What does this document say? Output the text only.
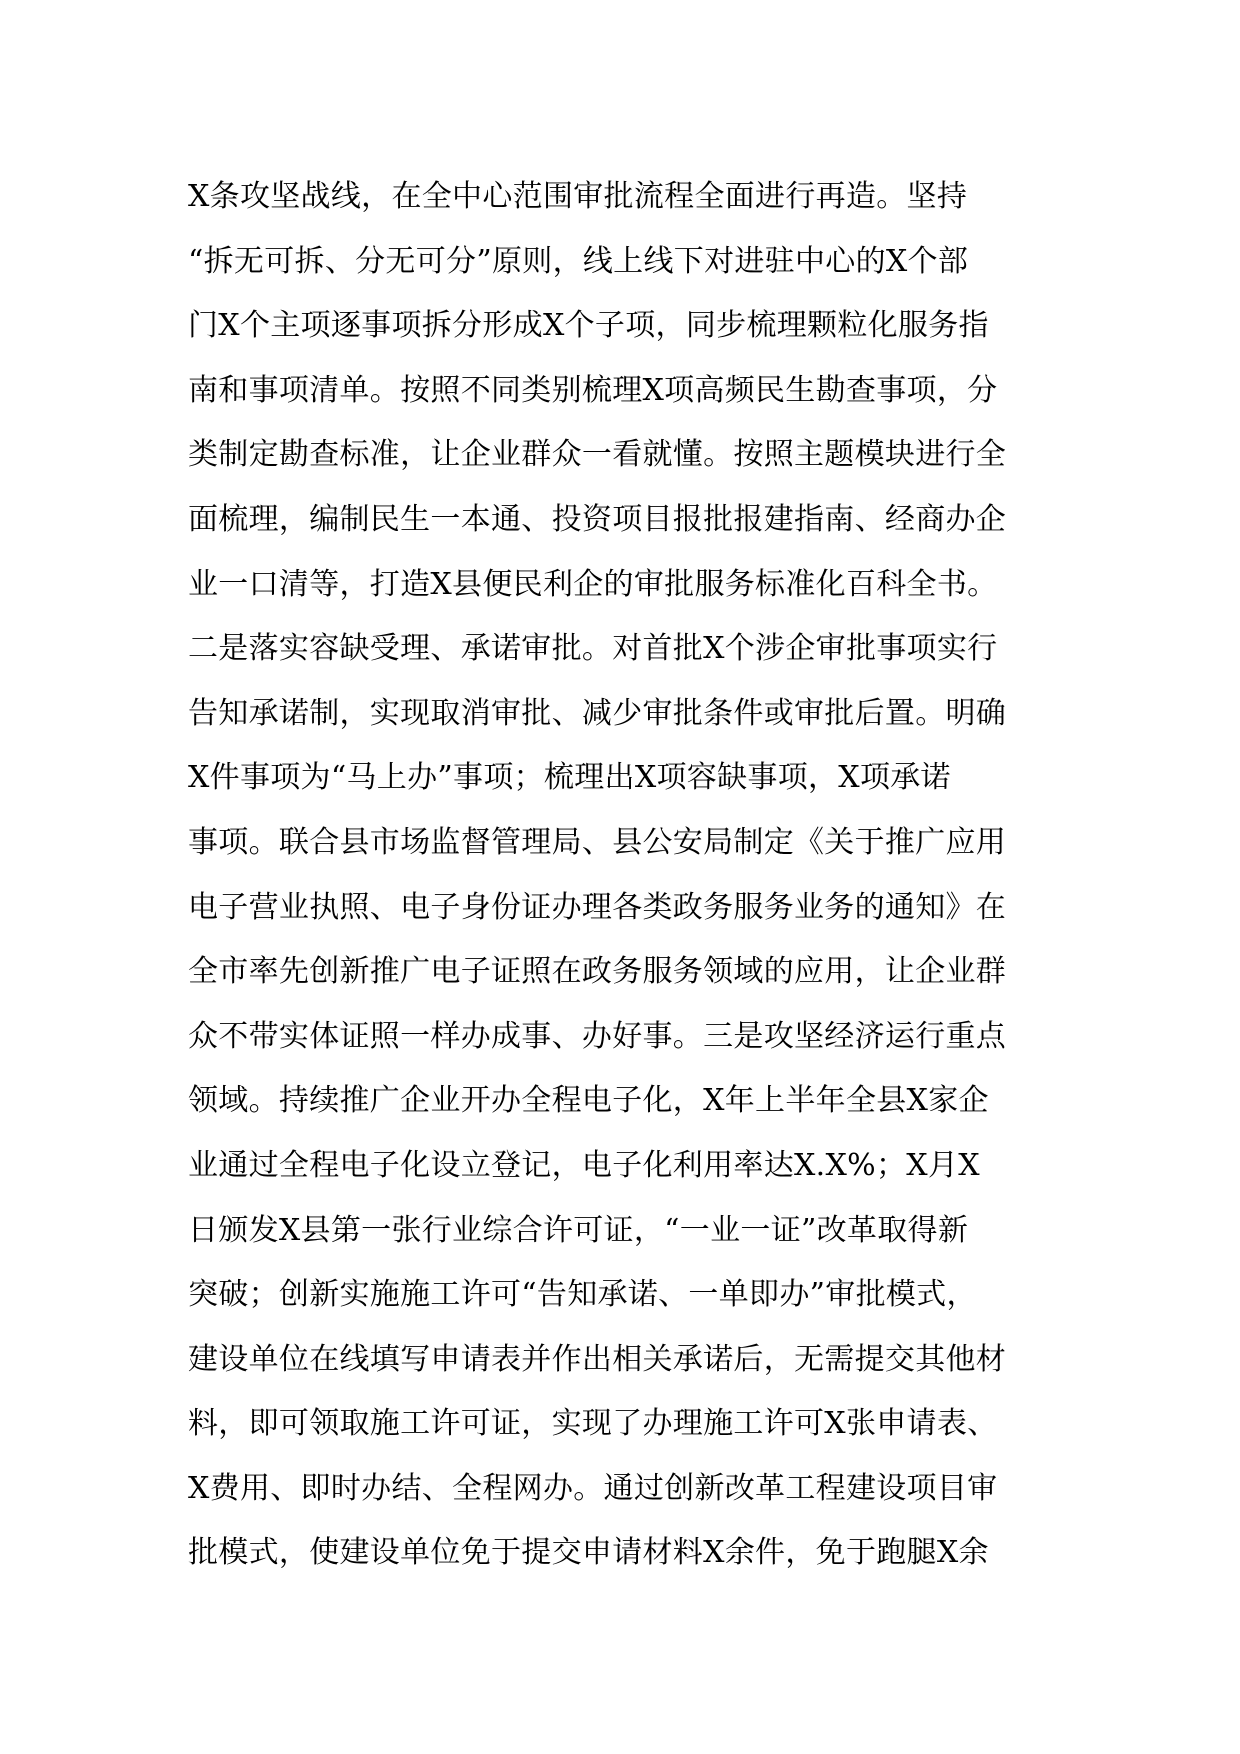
X条攻坚战线，在全中心范围审批流程全面进行再造。坚持
“拆无可拆、分无可分”原则，线上线下对进驻中心的X个部
门X个主项逐事项拆分形成X个子项，同步梳理颗粒化服务指
南和事项清单。按照不同类别梳理X项高频民生勘查事项，分
类制定勘查标准，让企业群众一看就懂。按照主题模块进行全
面梳理，编制民生一本通、投资项目报批报建指南、经商办企
业一口清等，打造X县便民利企的审批服务标准化百科全书。
二是落实容缺受理、承诺审批。对首批X个涉企审批事项实行
告知承诺制，实现取消审批、减少审批条件或审批后置。明确
X件事项为“马上办”事项；梳理出X项容缺事项，X项承诺
事项。联合县市场监督管理局、县公安局制定《关于推广应用
电子营业执照、电子身份证办理各类政务服务业务的通知》在
全市率先创新推广电子证照在政务服务领域的应用，让企业群
众不带实体证照一样办成事、办好事。三是攻坚经济运行重点
领域。持续推广企业开办全程电子化，X年上半年全县X家企
业通过全程电子化设立登记，电子化利用率达X.X%；X月X
日颁发X县第一张行业综合许可证，“一业一证”改革取得新
突破；创新实施施工许可“告知承诺、一单即办”审批模式，
建设单位在线填写申请表并作出相关承诺后，无需提交其他材
料，即可领取施工许可证，实现了办理施工许可X张申请表、
X费用、即时办结、全程网办。通过创新改革工程建设项目审
批模式，使建设单位免于提交申请材料X余件，免于跑腿X余
